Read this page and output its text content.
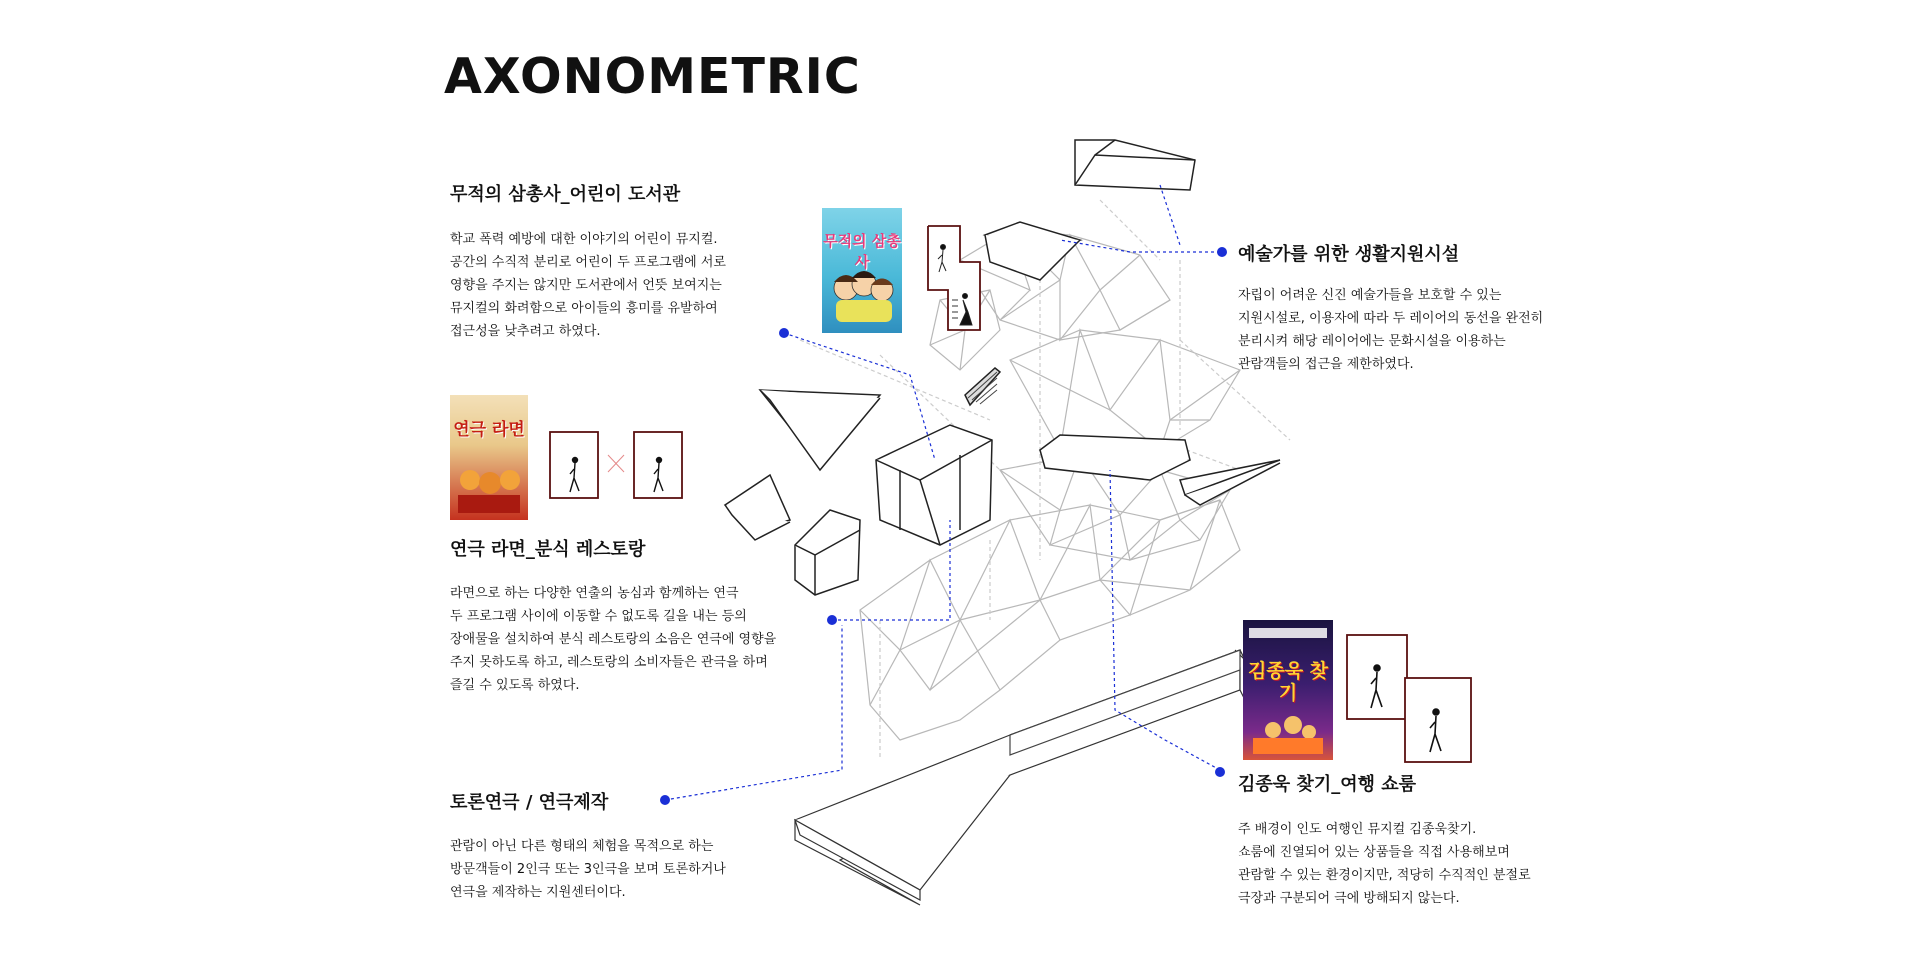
AXONOMETRIC
무적의 삼총사_어린이 도서관
학교 폭력 예방에 대한 이야기의 어린이 뮤지컬.
공간의 수직적 분리로 어린이 두 프로그램에 서로
영향을 주지는 않지만 도서관에서 언뜻 보여지는
뮤지컬의 화려함으로 아이들의 흥미를 유발하여
접근성을 낮추려고 하였다.
연극 라면_분식 레스토랑
라면으로 하는 다양한 연출의 농심과 함께하는 연극
두 프로그램 사이에 이동할 수 없도록 길을 내는 등의
장애물을 설치하여 분식 레스토랑의 소음은 연극에 영향을
주지 못하도록 하고, 레스토랑의 소비자들은 관극을 하며
즐길 수 있도록 하였다.
토론연극 / 연극제작
관람이 아닌 다른 형태의 체험을 목적으로 하는
방문객들이 2인극 또는 3인극을 보며 토론하거나
연극을 제작하는 지원센터이다.
예술가를 위한 생활지원시설
자립이 어려운 신진 예술가들을 보호할 수 있는
지원시설로, 이용자에 따라 두 레이어의 동선을 완전히
분리시켜 해당 레이어에는 문화시설을 이용하는
관람객들의 접근을 제한하였다.
김종욱 찾기_여행 쇼룸
주 배경이 인도 여행인 뮤지컬 김종욱찾기.
쇼룸에 진열되어 있는 상품들을 직접 사용해보며
관람할 수 있는 환경이지만, 적당히 수직적인 분절로
극장과 구분되어 극에 방해되지 않는다.
무적의 삼총사
연극 라면
김종욱 찾기
